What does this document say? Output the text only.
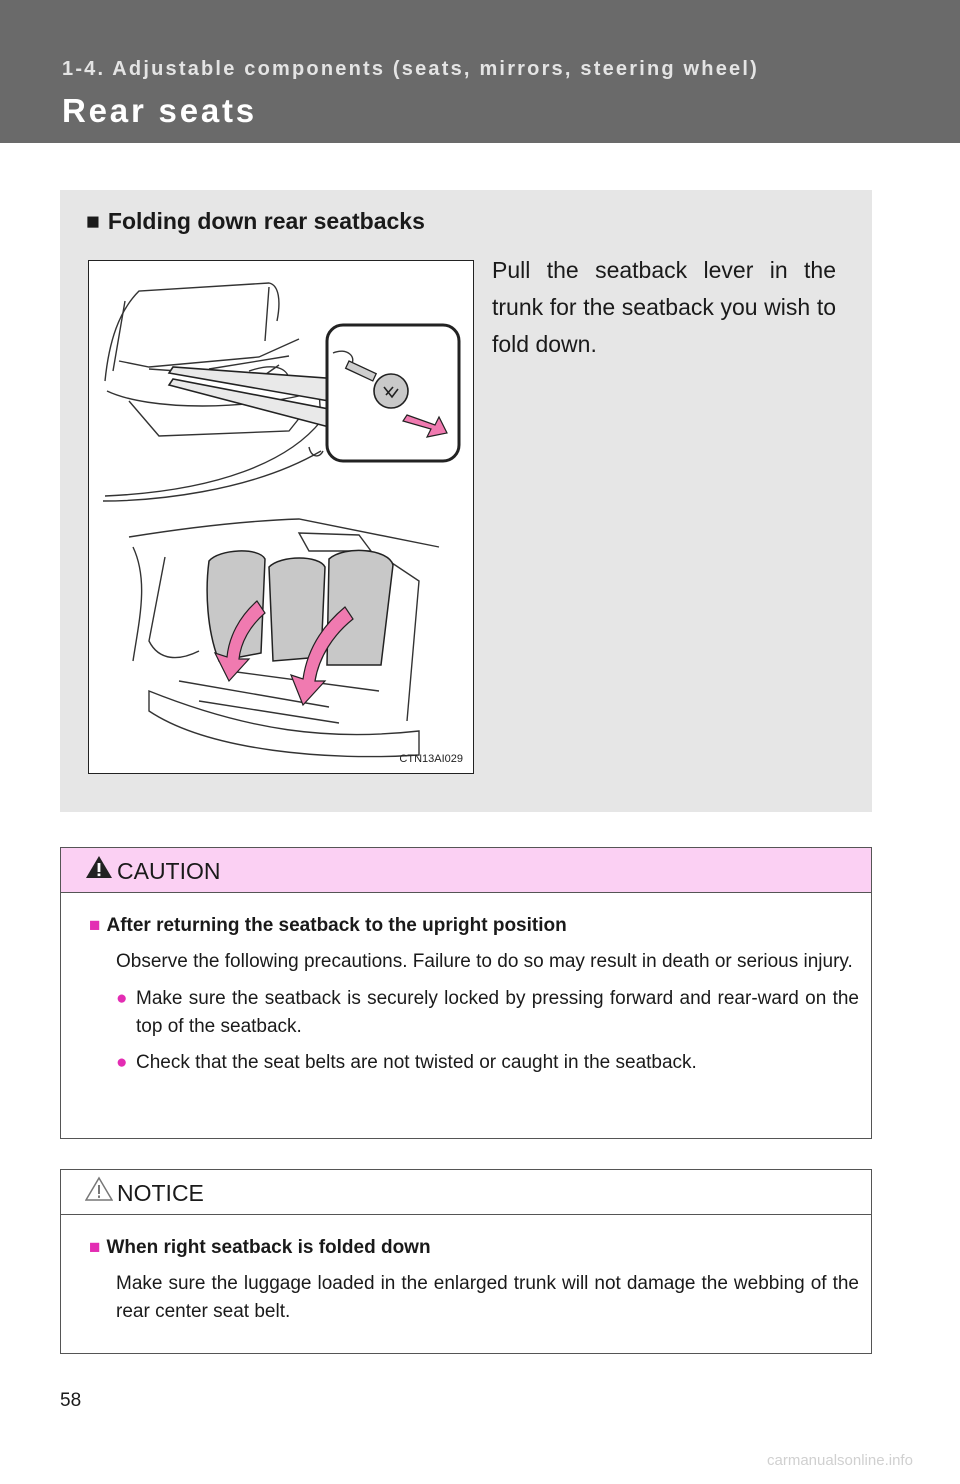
1-4. Adjustable components (seats, mirrors, steering wheel)

Rear seats
■ Folding down rear seatbacks
CTN13AI029

Pull the seatback lever in the trunk for the seatback you wish to fold down.

CAUTION

■ After returning the seatback to the upright position

Observe the following precautions. Failure to do so may result in death or serious injury.

● Make sure the seatback is securely locked by pressing forward and rear-ward on the top of the seatback.

● Check that the seat belts are not twisted or caught in the seatback.

NOTICE

■ When right seatback is folded down

Make sure the luggage loaded in the enlarged trunk will not damage the webbing of the rear center seat belt.

58

carmanualsonline.info
